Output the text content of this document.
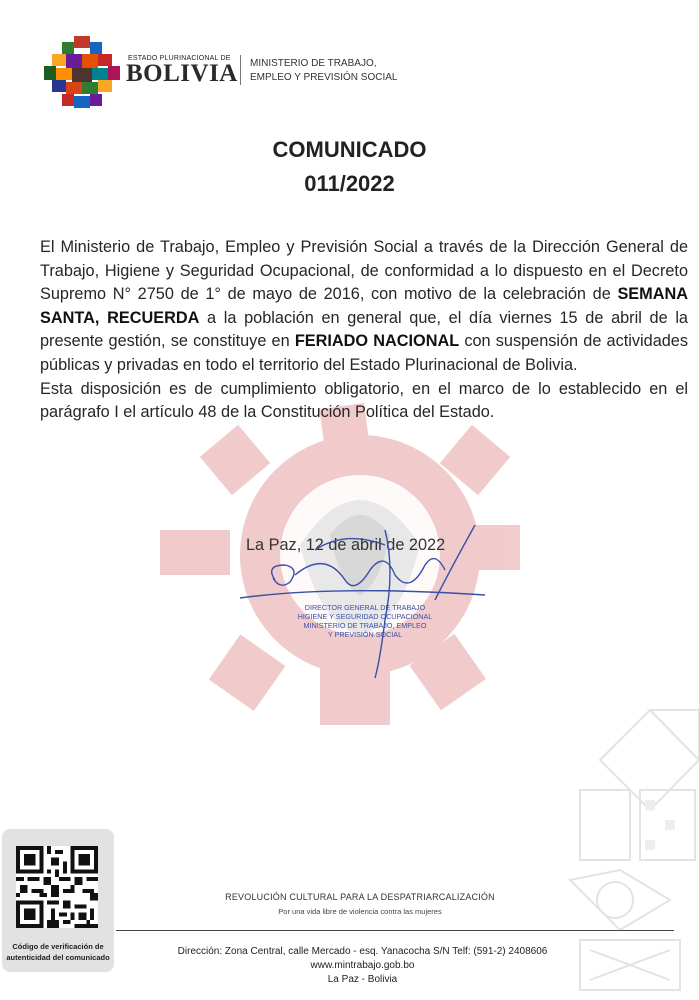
ESTADO PLURINACIONAL DE
BOLIVIA MINISTERIO DE TRABAJO,
EMPLEO Y PREVISIÓN SOCIAL
COMUNICADO
011/2022

El Ministerio de Trabajo, Empleo y Previsión Social a través de la Dirección General de Trabajo, Higiene y Seguridad Ocupacional, de conformidad a lo dispuesto en el Decreto Supremo N° 2750 de 1° de mayo de 2016, con motivo de la celebración de SEMANA SANTA, RECUERDA a la población en general que, el día viernes 15 de abril de la presente gestión, se constituye en FERIADO NACIONAL con suspensión de actividades públicas y privadas en todo el territorio del Estado Plurinacional de Bolivia.

Esta disposición es de cumplimiento obligatorio, en el marco de lo establecido en el parágrafo I el artículo 48 de la Constitución Política del Estado.

La Paz, 12 de abril de 2022
DIRECTOR GENERAL DE TRABAJO
HIGIENE Y SEGURIDAD OCUPACIONAL
MINISTERIO DE TRABAJO, EMPLEO
Y PREVISIÓN SOCIAL
Código de verificación de
autenticidad del comunicado
REVOLUCIÓN CULTURAL PARA LA DESPATRIARCALIZACIÓN
Por una vida libre de violencia contra las mujeres
Dirección: Zona Central, calle Mercado - esq. Yanacocha S/N Telf: (591-2) 2408606
www.mintrabajo.gob.bo
La Paz - Bolivia
